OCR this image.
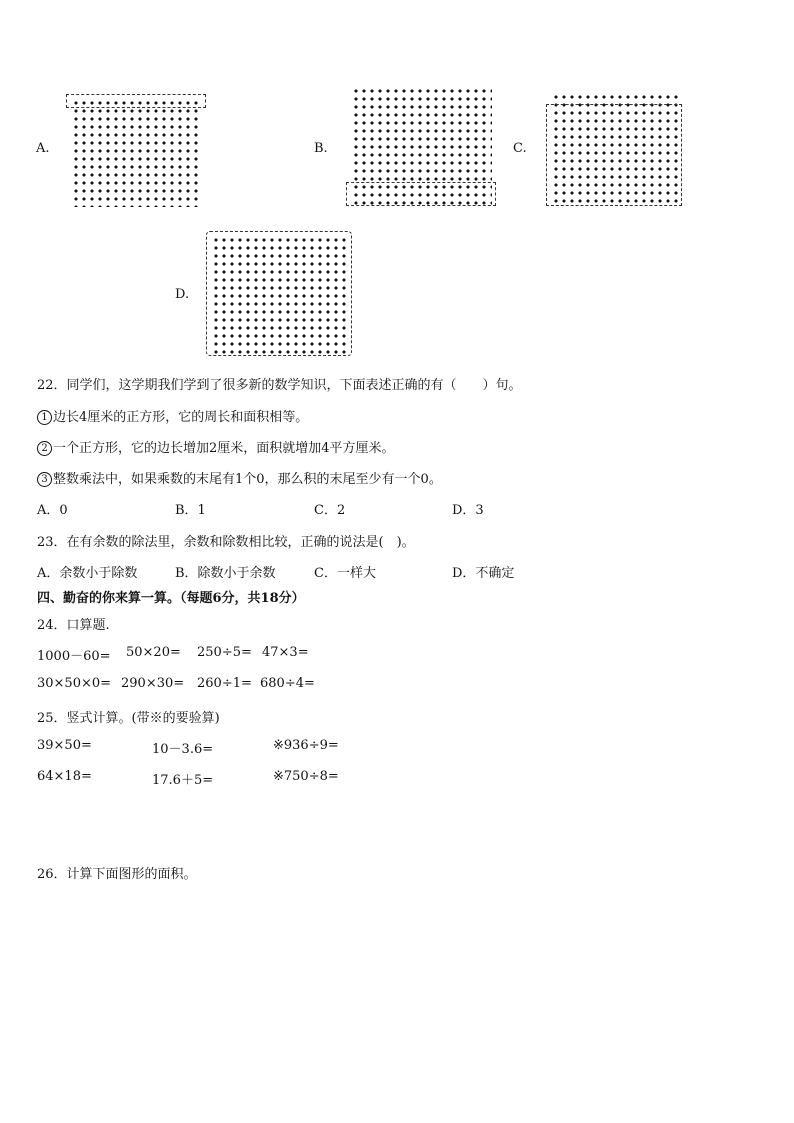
A.	B.	C.
D.
22．同学们，这学期我们学到了很多新的数学知识，下面表述正确的有（　　）句。
1 边长4厘米的正方形，它的周长和面积相等。
2 一个正方形，它的边长增加2厘米，面积就增加4平方厘米。
3 整数乘法中，如果乘数的末尾有1个0，那么积的末尾至少有一个0。
A．0	B．1	C．2	D．3
23．在有余数的除法里，余数和除数相比较，正确的说法是(　)。
A．余数小于除数	B．除数小于余数	C．一样大	D．不确定
四、勤奋的你来算一算。（每题6分，共18分）
24．口算题.
1000－60= 50×20= 250÷5= 47×3=
30×50×0= 290×30= 260÷1= 680÷4=
25．竖式计算。(带※的要验算)
39×50=	10－3.6=	※936÷9=
64×18=	17.6＋5=	※750÷8=
26．计算下面图形的面积。
